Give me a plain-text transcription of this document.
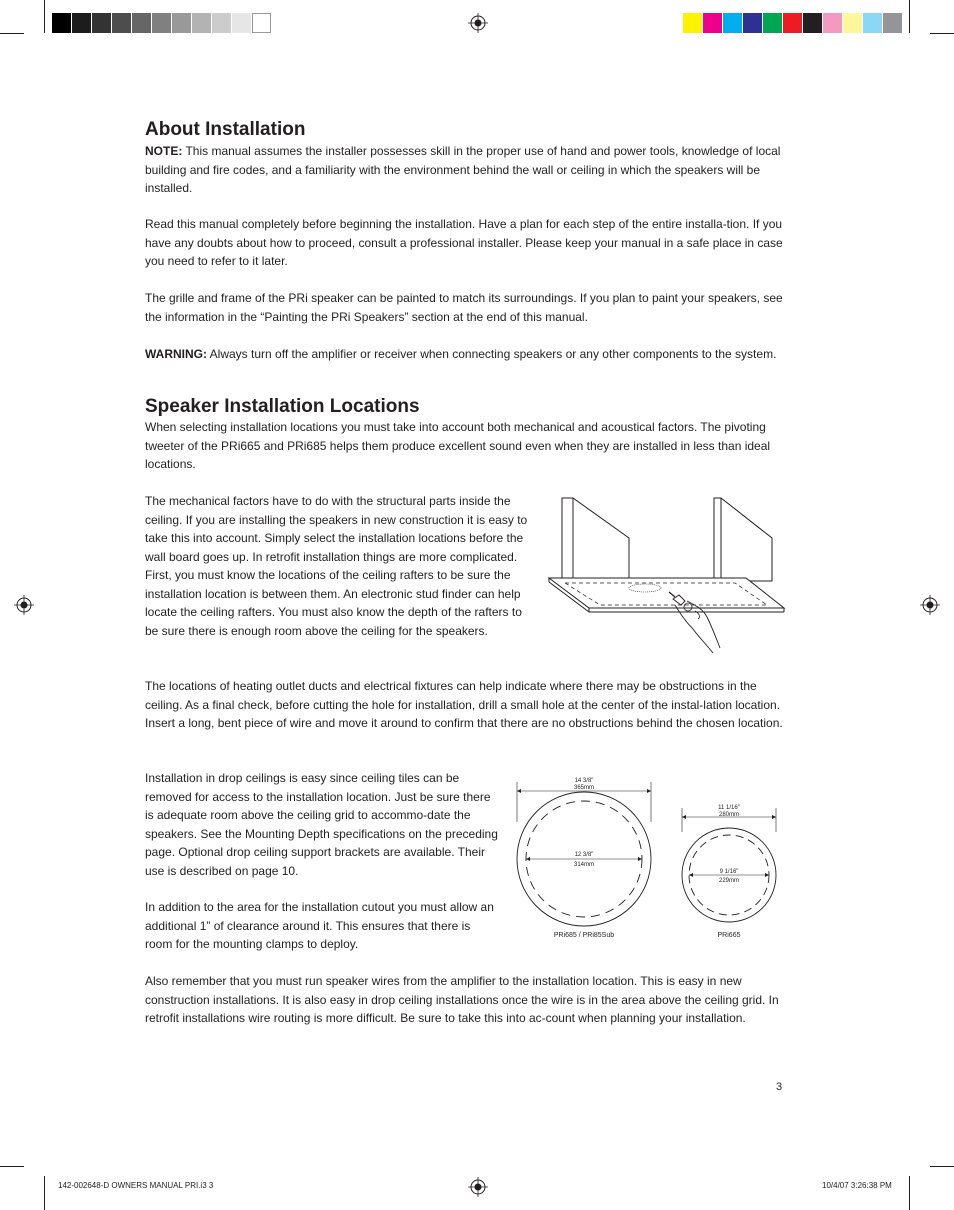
About Installation

NOTE: This manual assumes the installer possesses skill in the proper use of hand and power tools, knowledge of local building and fire codes, and a familiarity with the environment behind the wall or ceiling in which the speakers will be installed.

Read this manual completely before beginning the installation. Have a plan for each step of the entire installa-tion. If you have any doubts about how to proceed, consult a professional installer. Please keep your manual in a safe place in case you need to refer to it later.

The grille and frame of the PRi speaker can be painted to match its surroundings. If you plan to paint your speakers, see the information in the “Painting the PRi Speakers” section at the end of this manual.

WARNING: Always turn off the amplifier or receiver when connecting speakers or any other components to the system.

Speaker Installation Locations

When selecting installation locations you must take into account both mechanical and acoustical factors. The pivoting tweeter of the PRi665 and PRi685 helps them produce excellent sound even when they are installed in less than ideal locations.

The mechanical factors have to do with the structural parts inside the ceiling. If you are installing the speakers in new construction it is easy to take this into account. Simply select the installation locations before the wall board goes up. In retrofit installation things are more complicated. First, you must know the locations of the ceiling rafters to be sure the installation location is between them. An electronic stud finder can help locate the ceiling rafters. You must also know the depth of the rafters to be sure there is enough room above the ceiling for the speakers.

The locations of heating outlet ducts and electrical fixtures can help indicate where there may be obstructions in the ceiling. As a final check, before cutting the hole for installation, drill a small hole at the center of the instal-lation location. Insert a long, bent piece of wire and move it around to confirm that there are no obstructions behind the chosen location.

Installation in drop ceilings is easy since ceiling tiles can be removed for access to the installation location. Just be sure there is adequate room above the ceiling grid to accommo-date the speakers. See the Mounting Depth specifications on the preceding page. Optional drop ceiling support brackets are available. Their use is described on page 10.

In addition to the area for the installation cutout you must allow an additional 1” of clearance around it. This ensures that there is room for the mounting clamps to deploy.

Also remember that you must run speaker wires from the amplifier to the installation location. This is easy in new construction installations. It is also easy in drop ceiling installations once the wire is in the area above the ceiling grid. In retrofit installations wire routing is more difficult. Be sure to take this into ac-count when planning your installation.

14 3/8"
365mm
12 3/8"
314mm
PRi685 / PRi85Sub
11 1/16"
280mm
9 1/16"
229mm
PRi665
3
142-002648-D OWNERS MANUAL PRI.i3 3	10/4/07 3:26:38 PM
